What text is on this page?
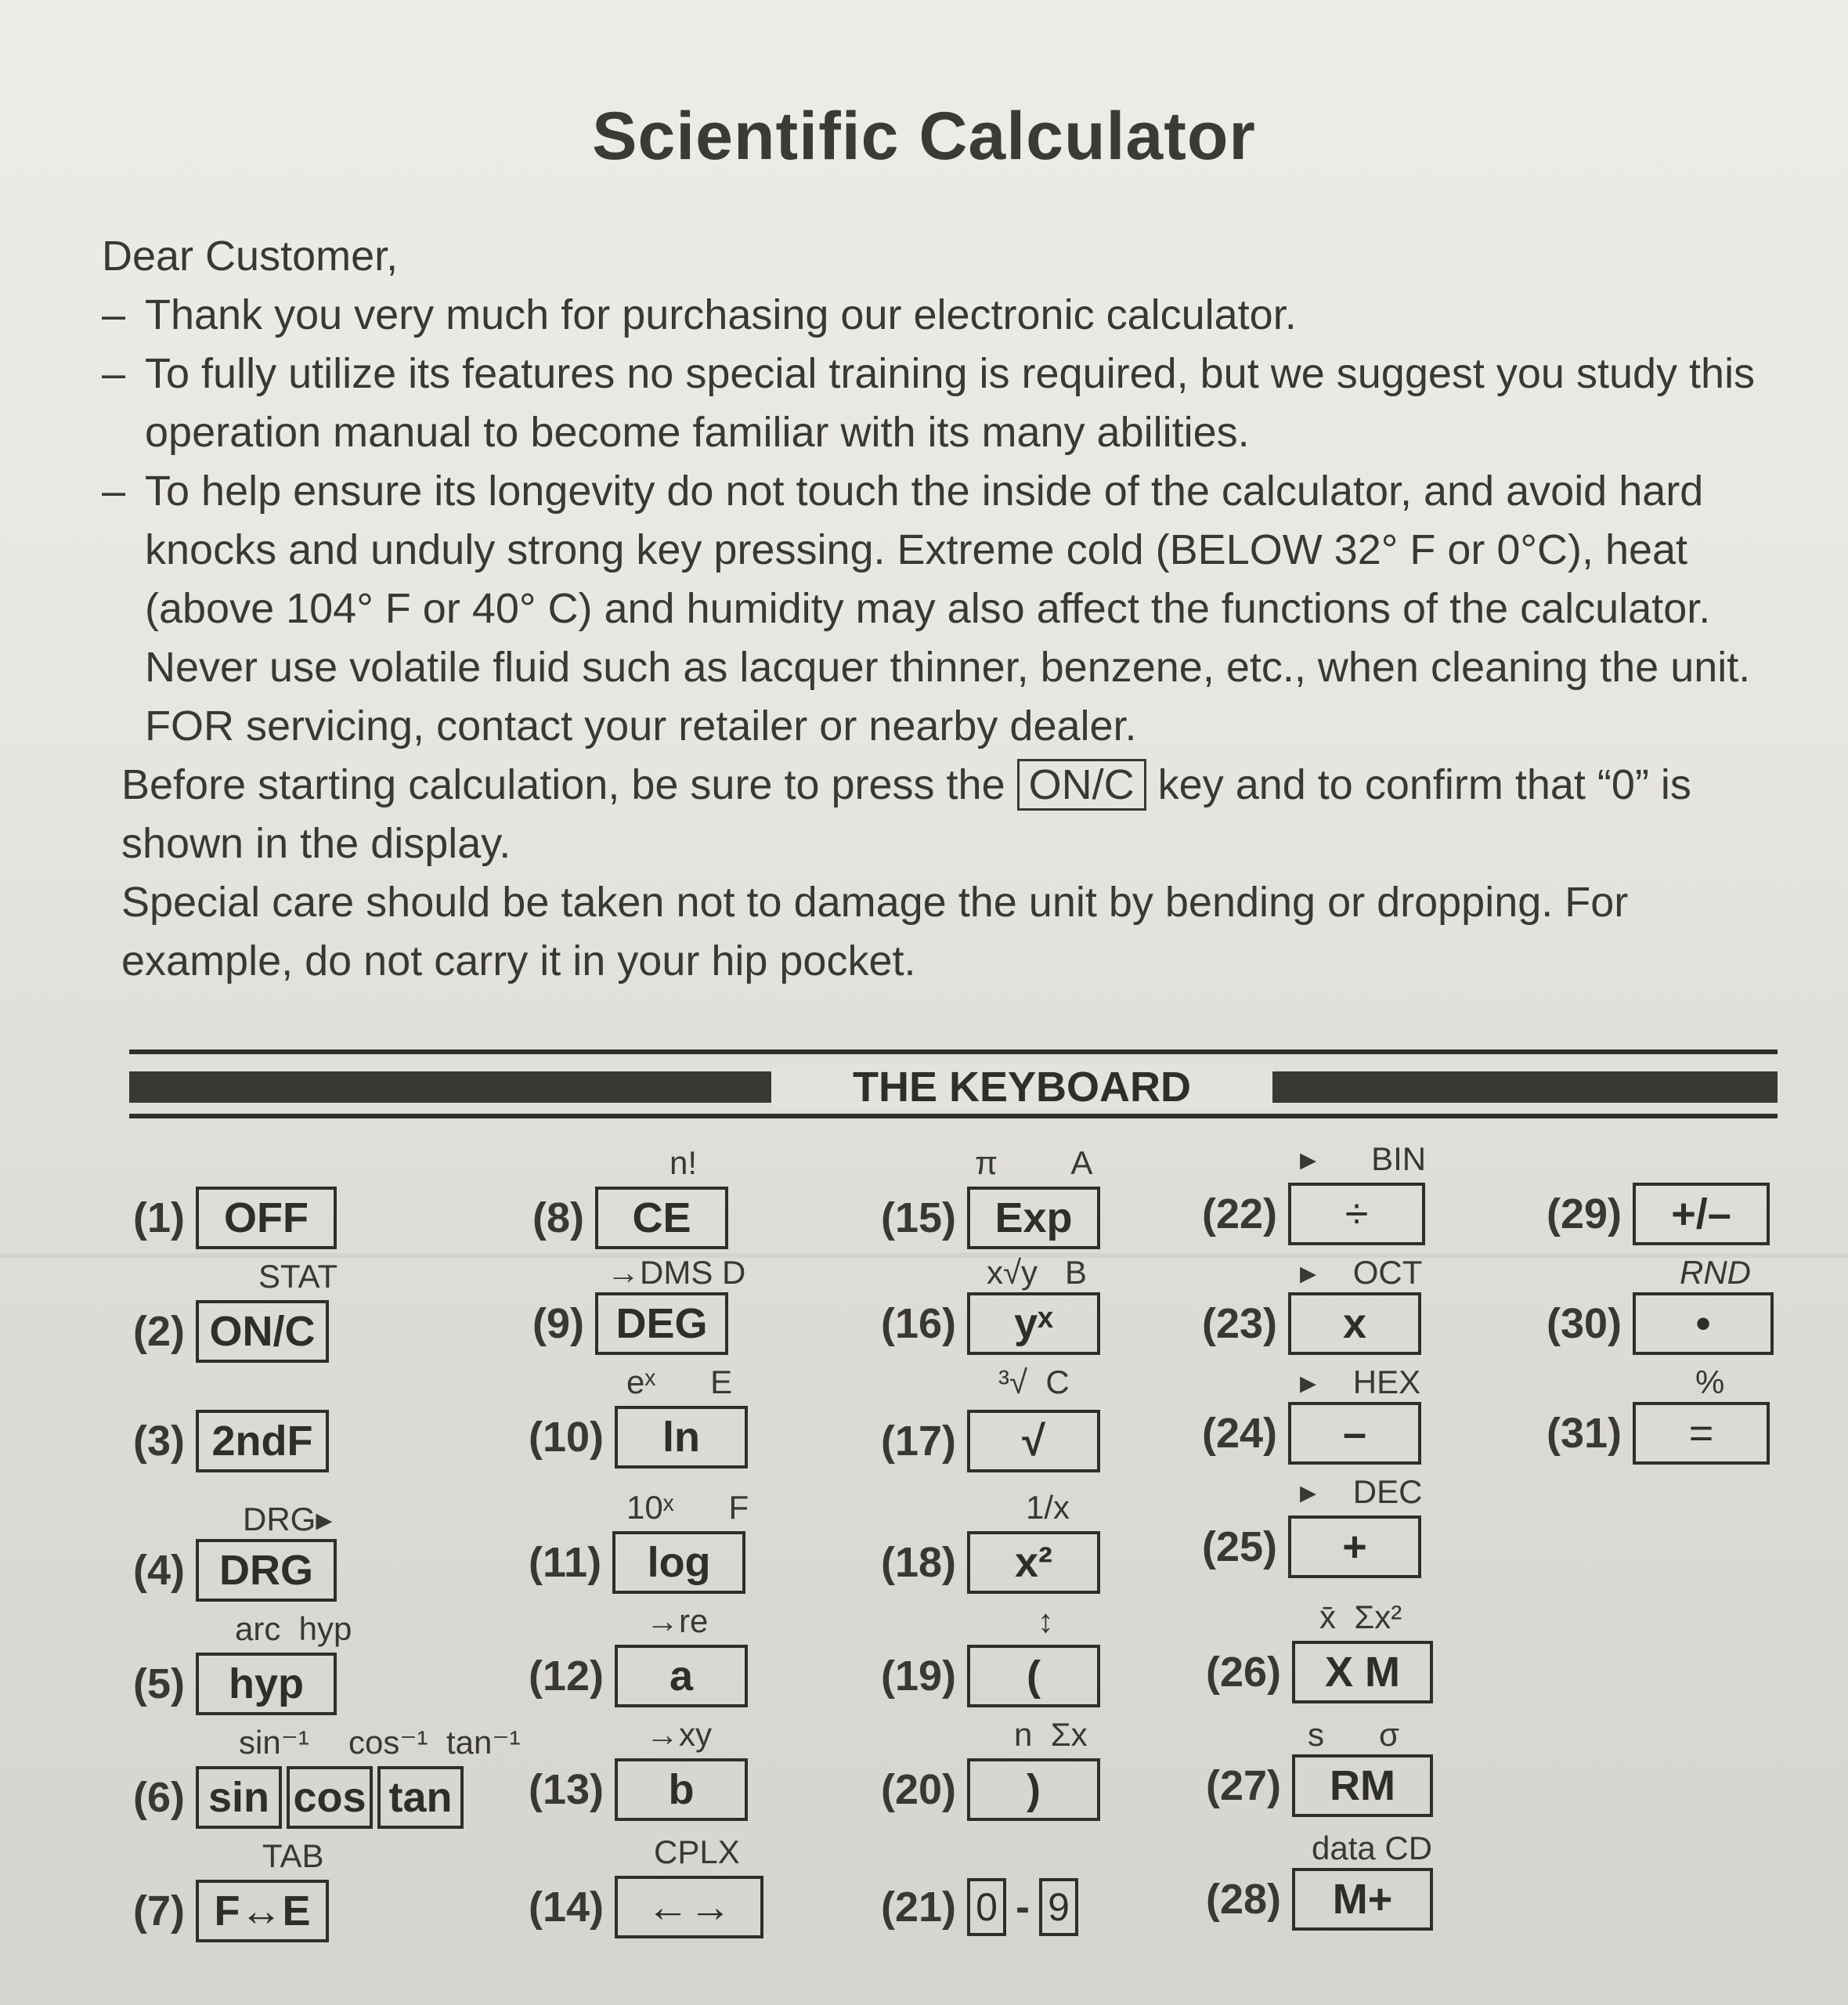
Scientific Calculator

Dear Customer,

– Thank you very much for purchasing our electronic calculator.

– To fully utilize its features no special training is required, but we suggest you study this operation manual to become familiar with its many abilities.

– To help ensure its longevity do not touch the inside of the calculator, and avoid hard knocks and unduly strong key pressing. Extreme cold (BELOW 32° F or 0°C), heat (above 104° F or 40° C) and humidity may also affect the functions of the calculator. Never use volatile fluid such as lacquer thinner, benzene, etc., when cleaning the unit. FOR servicing, contact your retailer or nearby dealer.

Before starting calculation, be sure to press the ON/C key and to confirm that “0” is shown in the display.

Special care should be taken not to damage the unit by bending or dropping. For example, do not carry it in your hip pocket.

THE KEYBOARD
(1) OFF
STAT
(2) ON/C
(3) 2ndF
DRG▸
(4) DRG
arc  hyp
(5)	hyp
sin⁻¹ cos⁻¹ tan⁻¹
(6) sin cos tan
TAB
(7) F↔E
n!
(8)	CE
→DMS D
(9) DEG
eˣ      E
(10)	ln
10ˣ      F
(11)	log
→re
(12)	a
→xy
(13)	b
CPLX
(14)	←→
π        A
(15) Exp
x√y   B
(16)	yˣ
³√  C
(17)	√
1/x
(18)	x²
↕
(19)	(
n  Σx
(20)	)
(21) 0 - 9
▸      BIN
(22)	÷
▸    OCT
(23)	x
▸    HEX
(24)	–
▸    DEC
(25)	+
x̄  Σx²
(26)	X M
s      σ
(27)	RM
data CD
(28)	M+
(29)	+/–
RND
(30)	•
%
(31)	=
